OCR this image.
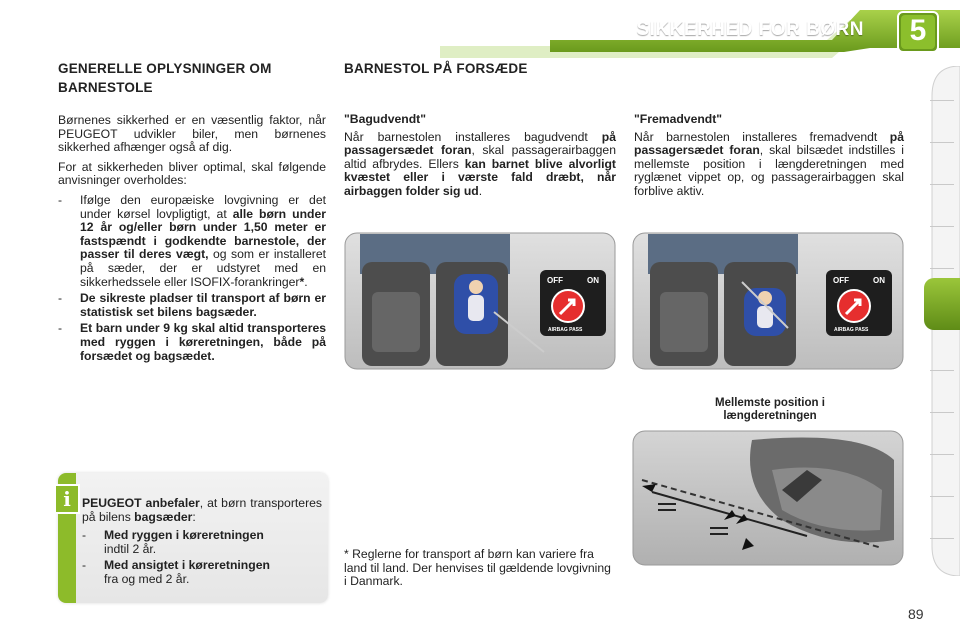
SIKKERHED FOR BØRN	5
GENERELLE OPLYSNINGER OM
BARNESTOLE

Børnenes sikkerhed er en væsentlig faktor, når PEUGEOT udvikler biler, men børnenes sikkerhed afhænger også af dig.

For at sikkerheden bliver optimal, skal følgende anvisninger overholdes:

- Ifølge den europæiske lovgivning er det under kørsel lovpligtigt, at alle børn under 12 år og/eller børn under 1,50 meter er fastspændt i godkendte barnestole, der passer til deres vægt, og som er installeret på sæder, der er udstyret med en sikkerhedssele eller ISOFIX-forankringer*.
- De sikreste pladser til transport af børn er statistisk set bilens bagsæder.
- Et barn under 9 kg skal altid transporteres med ryggen i køreretningen, både på forsædet og bagsædet.
i PEUGEOT anbefaler, at børn transporteres på bilens bagsæder:

- Med ryggen i køreretningen
indtil 2 år.
- Med ansigtet i køreretningen
fra og med 2 år.
BARNESTOL PÅ FORSÆDE

"Bagudvendt"

Når barnestolen installeres bagudvendt på passagersædet foran, skal passagerairbaggen altid afbrydes. Ellers kan barnet blive alvorligt kvæstet eller i værste fald dræbt, når airbaggen folder sig ud.

OFF	ON
AIRBAG PASS
* Reglerne for transport af børn kan variere fra land til land. Der henvises til gældende lovgivning i Danmark.

"Fremadvendt"

Når barnestolen installeres fremadvendt på passagersædet foran, skal bilsædet indstilles i mellemste position i længderetningen med ryglænet vippet op, og passagerairbaggen skal forblive aktiv.

OFF	ON
AIRBAG PASS
Mellemste position i
længderetningen
89
